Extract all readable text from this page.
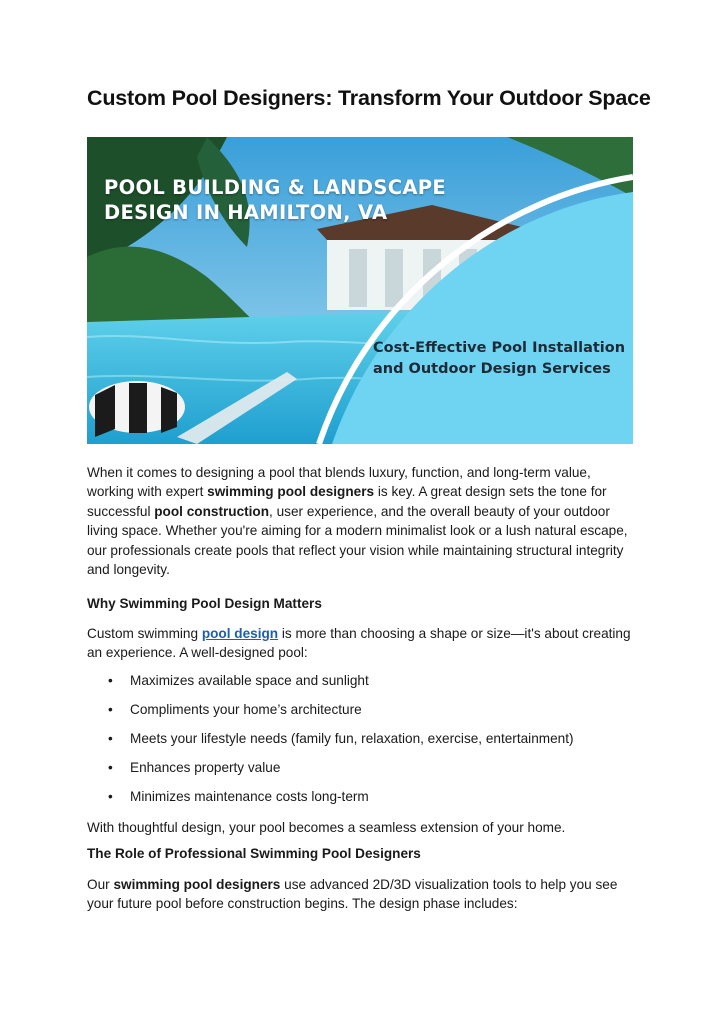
Custom Pool Designers: Transform Your Outdoor Space

POOL BUILDING & LANDSCAPE
DESIGN IN HAMILTON, VA

Cost-Effective Pool Installation
and Outdoor Design Services

When it comes to designing a pool that blends luxury, function, and long-term value, working with expert swimming pool designers is key. A great design sets the tone for successful pool construction, user experience, and the overall beauty of your outdoor living space. Whether you're aiming for a modern minimalist look or a lush natural escape, our professionals create pools that reflect your vision while maintaining structural integrity and longevity.

Why Swimming Pool Design Matters

Custom swimming pool design is more than choosing a shape or size—it's about creating an experience. A well-designed pool:

• Maximizes available space and sunlight
• Compliments your home’s architecture
• Meets your lifestyle needs (family fun, relaxation, exercise, entertainment)
• Enhances property value
• Minimizes maintenance costs long-term

With thoughtful design, your pool becomes a seamless extension of your home.

The Role of Professional Swimming Pool Designers

Our swimming pool designers use advanced 2D/3D visualization tools to help you see your future pool before construction begins. The design phase includes:
